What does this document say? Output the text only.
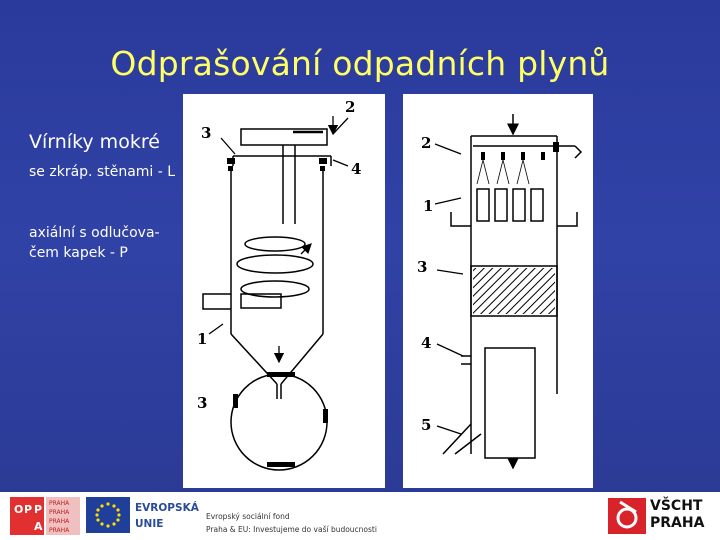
Odprašování odpadních plynů
Vírníky mokré
se zkráp. stěnami - L
axiální s odlučova-
čem kapek - P
2
3
4
1
3
2
1
3
4
5
O P P
A
PRAHA
PRAHA
PRAHA
PRAHA
EVROPSKÁ
UNIE
Evropský sociální fond
Praha & EU: Investujeme do vaší budoucnosti
VŠCHT
PRAHA
